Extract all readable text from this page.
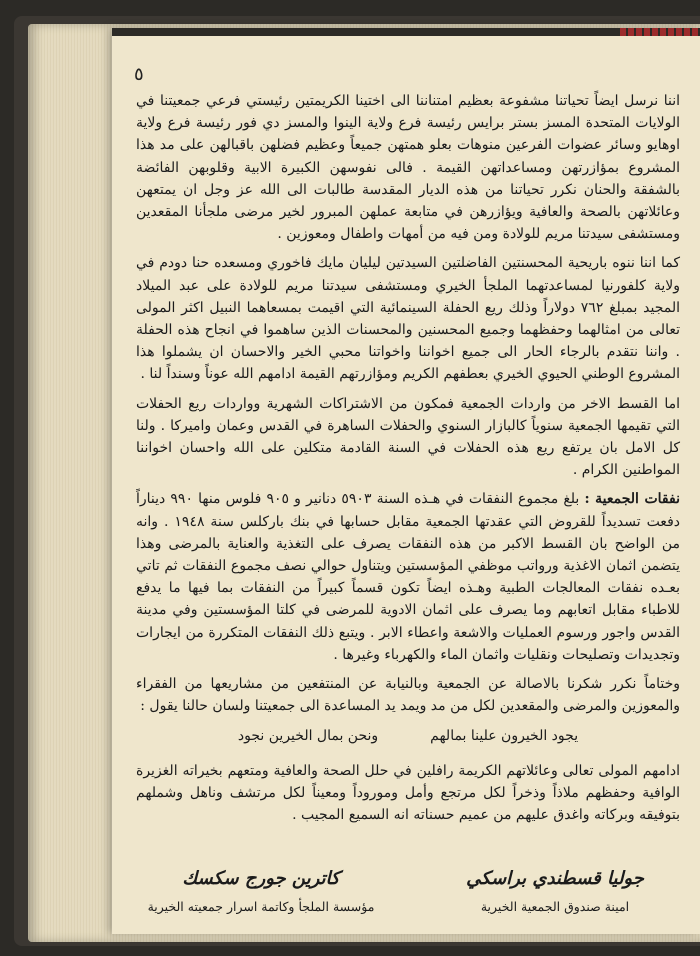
٥

اننا نرسل ايضاً تحياتنا مشفوعة بعظيم امتناننا الى اختينا الكريمتين رئيستي فرعي جمعيتنا في الولايات المتحدة المسز بستر برايس رئيسة فرع ولاية الينوا والمسز دي فور رئيسة فرع ولاية اوهايو وسائر عضوات الفرعين منوهات بعلو همتهن جميعاً وعظيم فضلهن باقبالهن على مد هذا المشروع بمؤازرتهن ومساعداتهن القيمة . فالى نفوسهن الكبيرة الابية وقلوبهن الفائضة بالشفقة والحنان نكرر تحياتنا من هذه الديار المقدسة طالبات الى الله عز وجل ان يمتعهن وعائلاتهن بالصحة والعافية ويؤازرهن في متابعة عملهن المبرور لخير مرضى ملجأنا المقعدين ومستشفى سيدتنا مريم للولادة ومن فيه من أمهات واطفال ومعوزين .

كما اننا ننوه باريحية المحسنتين الفاضلتين السيدتين ليليان مايك فاخوري ومسعده حنا دودم في ولاية كلفورنيا لمساعدتهما الملجأ الخيري ومستشفى سيدتنا مريم للولادة على عبد الميلاد المجيد بمبلغ ٧٦٢ دولاراً وذلك ريع الحفلة السينمائية التي اقيمت بمسعاهما النبيل اكثر المولى تعالى من امثالهما وحفظهما وجميع المحسنين والمحسنات الذين ساهموا في انجاح هذه الحفلة . واننا نتقدم بالرجاء الحار الى جميع اخواننا واخواتنا محبي الخير والاحسان ان يشملوا هذا المشروع الوطني الحيوي الخيري بعطفهم الكريم ومؤازرتهم القيمة ادامهم الله عوناً وسنداً لنا .

اما القسط الاخر من واردات الجمعية فمكون من الاشتراكات الشهرية وواردات ريع الحفلات التي تقيمها الجمعية سنوياً كالبازار السنوي والحفلات الساهرة في القدس وعمان واميركا . ولنا كل الامل بان يرتفع ريع هذه الحفلات في السنة القادمة متكلين على الله واحسان اخواننا المواطنين الكرام .

نفقات الجمعية : بلغ مجموع النفقات في هـذه السنة ٥٩٠٣ دنانير و ٩٠٥ فلوس منها ٩٩٠ ديناراً دفعت تسديداً للقروض التي عقدتها الجمعية مقابل حسابها في بنك باركلس سنة ١٩٤٨ . وانه من الواضح بان القسط الاكبر من هذه النفقات يصرف على التغذية والعناية بالمرضى وهذا يتضمن اثمان الاغذية ورواتب موظفي المؤسستين ويتناول حوالي نصف مجموع النفقات ثم تاتي بعـده نفقات المعالجات الطبية وهـذه ايضاً تكون قسماً كبيراً من النفقات بما فيها ما يدفع للاطباء مقابل اتعابهم وما يصرف على اثمان الادوية للمرضى في كلتا المؤسستين وفي مدينة القدس واجور ورسوم العمليات والاشعة واعطاء الابر . ويتبع ذلك النفقات المتكررة من ايجارات وتجديدات وتصليحات ونقليات واثمان الماء والكهرباء وغيرها .

وختاماً نكرر شكرنا بالاصالة عن الجمعية وبالنيابة عن المنتفعين من مشاريعها من الفقراء والمعوزين والمرضى والمقعدين لكل من مد ويمد يد المساعدة الى جمعيتنا ولسان حالنا يقول :

يجود الخيرون علينا بمالهم
ونحن بمال الخيرين نجود

ادامهم المولى تعالى وعائلاتهم الكريمة رافلين في حلل الصحة والعافية ومتعهم بخيراته الغزيرة الوافية وحفظهم ملاذاً وذخراً لكل مرتجع وأمل وموروداً ومعيناً لكل مرتشف وناهل وشملهم بتوفيقه وبركاته واغدق عليهم من عميم حسناته انه السميع المجيب .

جوليا قسطندي براسكي
امينة صندوق الجمعية الخيرية
كاترين جورج سكسك
مؤسسة الملجأ وكاتمة اسرار جمعيته الخيرية
